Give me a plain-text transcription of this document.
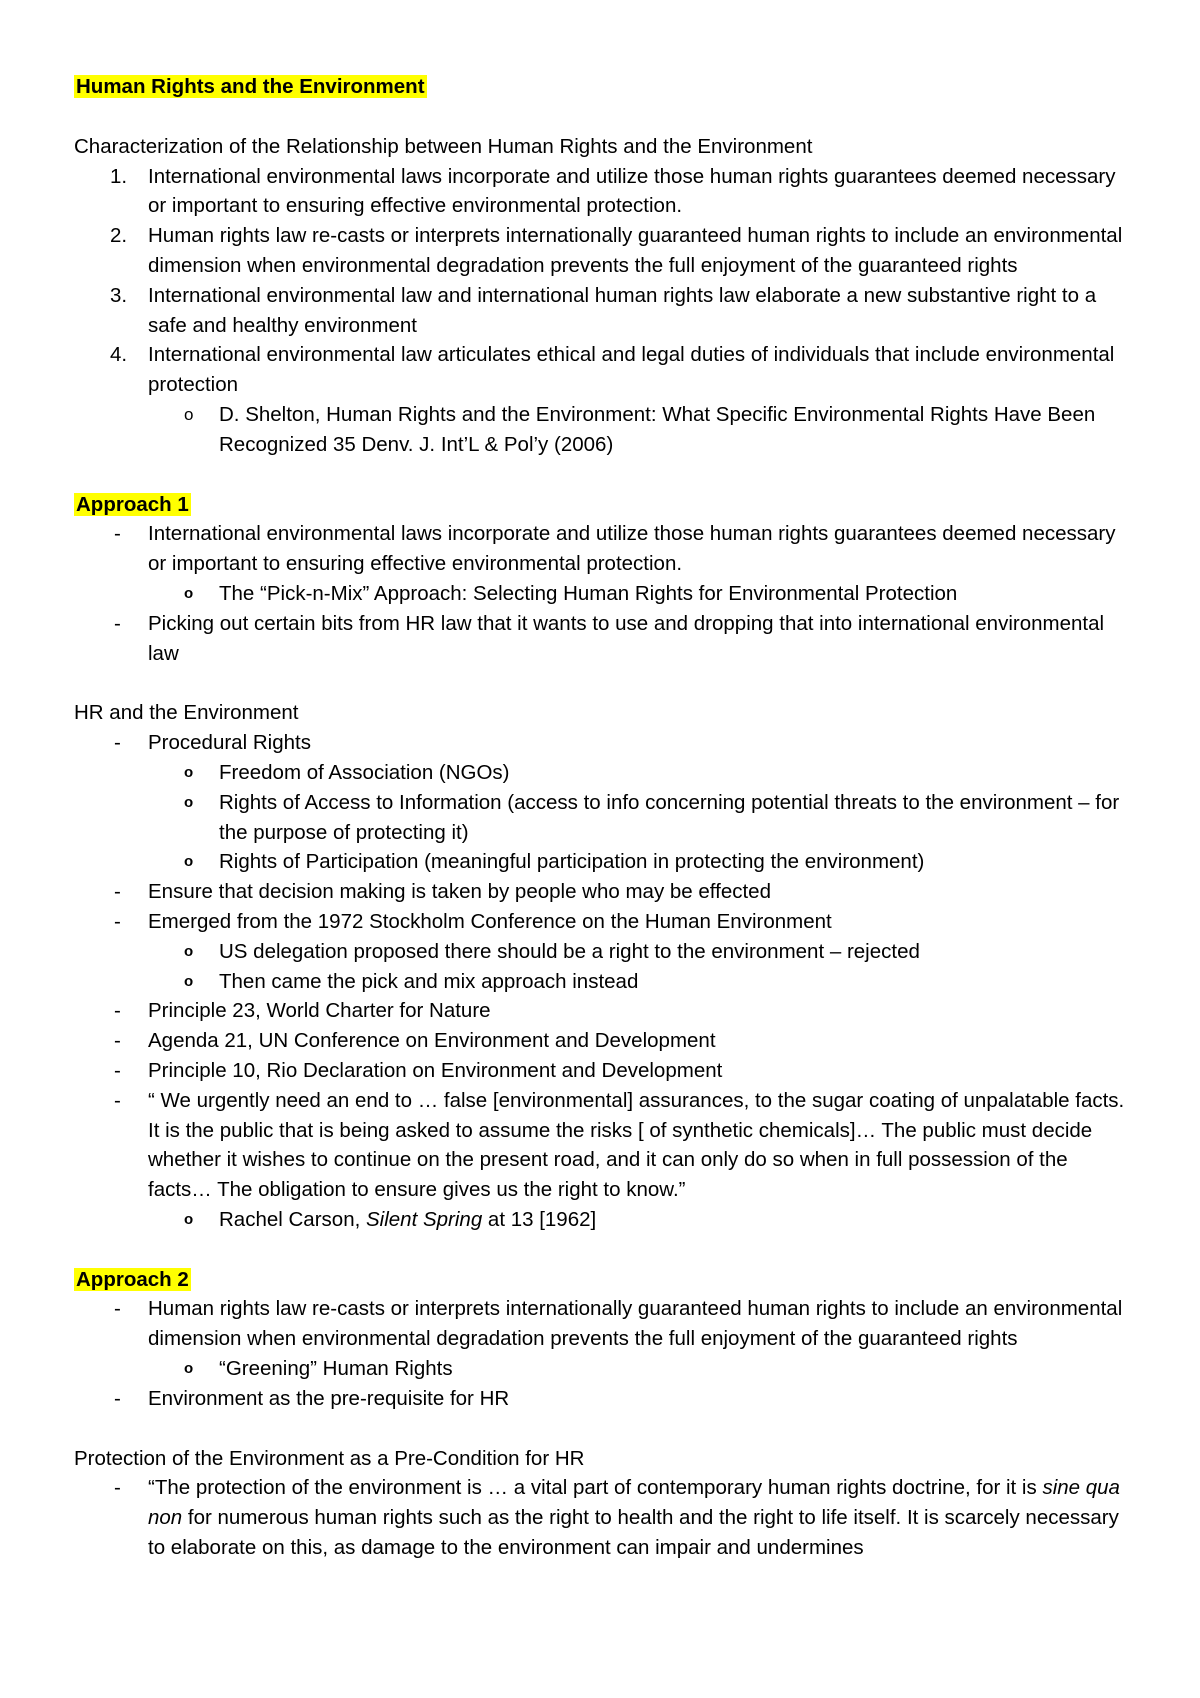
Human Rights and the Environment
Characterization of the Relationship between Human Rights and the Environment
1. International environmental laws incorporate and utilize those human rights guarantees deemed necessary or important to ensuring effective environmental protection.
2. Human rights law re-casts or interprets internationally guaranteed human rights to include an environmental dimension when environmental degradation prevents the full enjoyment of the guaranteed rights
3. International environmental law and international human rights law elaborate a new substantive right to a safe and healthy environment
4. International environmental law articulates ethical and legal duties of individuals that include environmental protection
o D. Shelton, Human Rights and the Environment: What Specific Environmental Rights Have Been Recognized 35 Denv. J. Int’L & Pol’y (2006)
Approach 1
- International environmental laws incorporate and utilize those human rights guarantees deemed necessary or important to ensuring effective environmental protection.
o The “Pick-n-Mix” Approach: Selecting Human Rights for Environmental Protection
- Picking out certain bits from HR law that it wants to use and dropping that into international environmental law
HR and the Environment
- Procedural Rights
o Freedom of Association (NGOs)
o Rights of Access to Information (access to info concerning potential threats to the environment – for the purpose of protecting it)
o Rights of Participation (meaningful participation in protecting the environment)
- Ensure that decision making is taken by people who may be effected
- Emerged from the 1972 Stockholm Conference on the Human Environment
o US delegation proposed there should be a right to the environment – rejected
o Then came the pick and mix approach instead
- Principle 23, World Charter for Nature
- Agenda 21, UN Conference on Environment and Development
- Principle 10, Rio Declaration on Environment and Development
- “ We urgently need an end to … false [environmental] assurances, to the sugar coating of unpalatable facts. It is the public that is being asked to assume the risks [ of synthetic chemicals]… The public must decide whether it wishes to continue on the present road, and it can only do so when in full possession of the facts… The obligation to ensure gives us the right to know.”
o Rachel Carson, Silent Spring at 13 [1962]
Approach 2
- Human rights law re-casts or interprets internationally guaranteed human rights to include an environmental dimension when environmental degradation prevents the full enjoyment of the guaranteed rights
o “Greening” Human Rights
- Environment as the pre-requisite for HR
Protection of the Environment as a Pre-Condition for HR
- “The protection of the environment is … a vital part of contemporary human rights doctrine, for it is sine qua non for numerous human rights such as the right to health and the right to life itself. It is scarcely necessary to elaborate on this, as damage to the environment can impair and undermines
